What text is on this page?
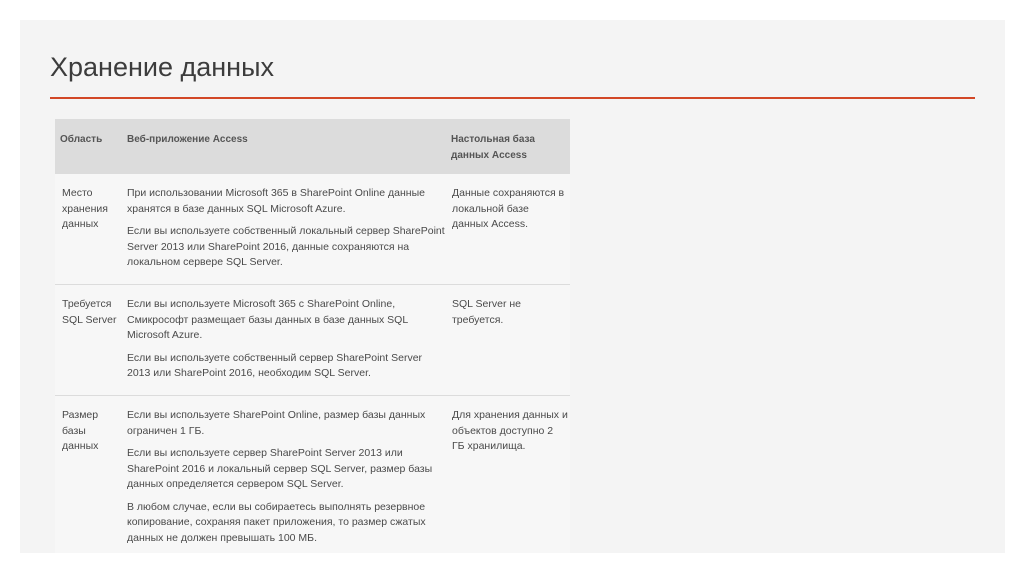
Хранение данных
Область	Веб-приложение Access	Настольная база данных Access
Место хранения данных

При использовании Microsoft 365 в SharePoint Online данные хранятся в базе данных SQL Microsoft Azure.

Если вы используете собственный локальный сервер SharePoint Server 2013 или SharePoint 2016, данные сохраняются на локальном сервере SQL Server.

Данные сохраняются в локальной базе данных Access.
Требуется SQL Server

Если вы используете Microsoft 365 с SharePoint Online, Смикрософт размещает базы данных в базе данных SQL Microsoft Azure.

Если вы используете собственный сервер SharePoint Server 2013 или SharePoint 2016, необходим SQL Server.

SQL Server не требуется.
Размер базы данных

Если вы используете SharePoint Online, размер базы данных ограничен 1 ГБ.

Если вы используете сервер SharePoint Server 2013 или SharePoint 2016 и локальный сервер SQL Server, размер базы данных определяется сервером SQL Server.

В любом случае, если вы собираетесь выполнять резервное копирование, сохраняя пакет приложения, то размер сжатых данных не должен превышать 100 МБ.

Для хранения данных и объектов доступно 2 ГБ хранилища.
